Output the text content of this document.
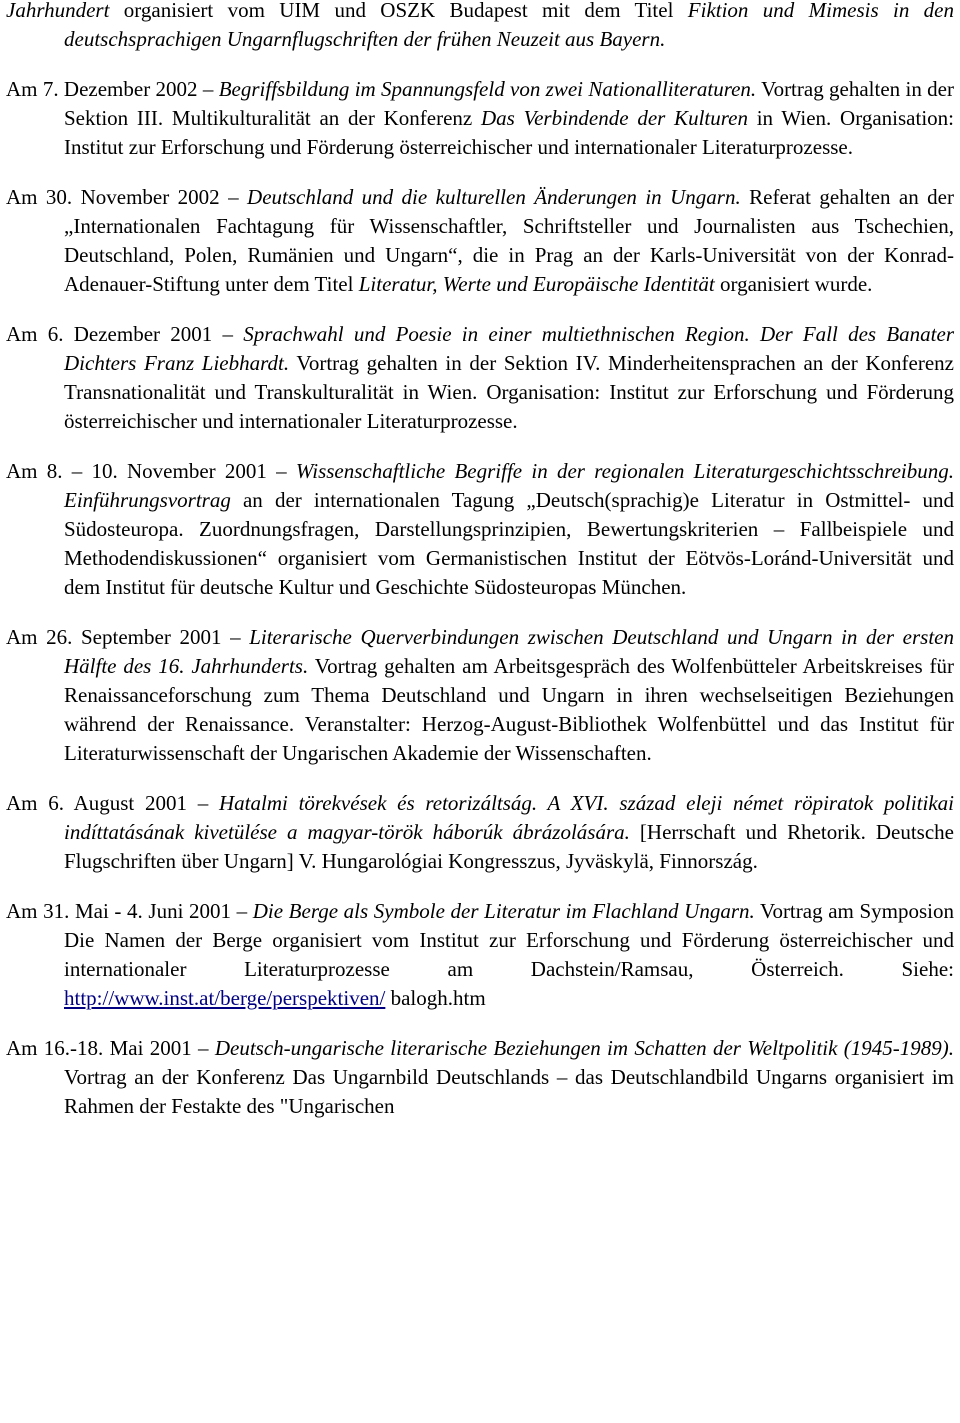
Jahrhundert organisiert vom UIM und OSZK Budapest mit dem Titel Fiktion und Mimesis in den deutschsprachigen Ungarnflugschriften der frühen Neuzeit aus Bayern.

Am 7. Dezember 2002 – Begriffsbildung im Spannungsfeld von zwei Nationalliteraturen. Vortrag gehalten in der Sektion III. Multikulturalität an der Konferenz Das Verbindende der Kulturen in Wien. Organisation: Institut zur Erforschung und Förderung österreichischer und internationaler Literaturprozesse.

Am 30. November 2002 – Deutschland und die kulturellen Änderungen in Ungarn. Referat gehalten an der „Internationalen Fachtagung für Wissenschaftler, Schriftsteller und Journalisten aus Tschechien, Deutschland, Polen, Rumänien und Ungarn“, die in Prag an der Karls-Universität von der Konrad-Adenauer-Stiftung unter dem Titel Literatur, Werte und Europäische Identität organisiert wurde.

Am 6. Dezember 2001 – Sprachwahl und Poesie in einer multiethnischen Region. Der Fall des Banater Dichters Franz Liebhardt. Vortrag gehalten in der Sektion IV. Minderheitensprachen an der Konferenz Transnationalität und Transkulturalität in Wien. Organisation: Institut zur Erforschung und Förderung österreichischer und internationaler Literaturprozesse.

Am 8. – 10. November 2001 – Wissenschaftliche Begriffe in der regionalen Literaturgeschichtsschreibung. Einführungsvortrag an der internationalen Tagung „Deutsch(sprachig)e Literatur in Ostmittel- und Südosteuropa. Zuordnungsfragen, Darstellungsprinzipien, Bewertungskriterien – Fallbeispiele und Methodendiskussionen“ organisiert vom Germanistischen Institut der Eötvös-Loránd-Universität und dem Institut für deutsche Kultur und Geschichte Südosteuropas München.

Am 26. September 2001 – Literarische Querverbindungen zwischen Deutschland und Ungarn in der ersten Hälfte des 16. Jahrhunderts. Vortrag gehalten am Arbeitsgespräch des Wolfenbütteler Arbeitskreises für Renaissanceforschung zum Thema Deutschland und Ungarn in ihren wechselseitigen Beziehungen während der Renaissance. Veranstalter: Herzog-August-Bibliothek Wolfenbüttel und das Institut für Literaturwissenschaft der Ungarischen Akademie der Wissenschaften.

Am 6. August 2001 – Hatalmi törekvések és retorizáltság. A XVI. század eleji német röpiratok politikai indíttatásának kivetülése a magyar-török háborúk ábrázolására. [Herrschaft und Rhetorik. Deutsche Flugschriften über Ungarn] V. Hungarológiai Kongresszus, Jyväskylä, Finnország.

Am 31. Mai - 4. Juni 2001 – Die Berge als Symbole der Literatur im Flachland Ungarn. Vortrag am Symposion Die Namen der Berge organisiert vom Institut zur Erforschung und Förderung österreichischer und internationaler Literaturprozesse am Dachstein/Ramsau, Österreich. Siehe: http://www.inst.at/berge/perspektiven/ balogh.htm

Am 16.-18. Mai 2001 – Deutsch-ungarische literarische Beziehungen im Schatten der Weltpolitik (1945-1989). Vortrag an der Konferenz Das Ungarnbild Deutschlands – das Deutschlandbild Ungarns organisiert im Rahmen der Festakte des "Ungarischen
